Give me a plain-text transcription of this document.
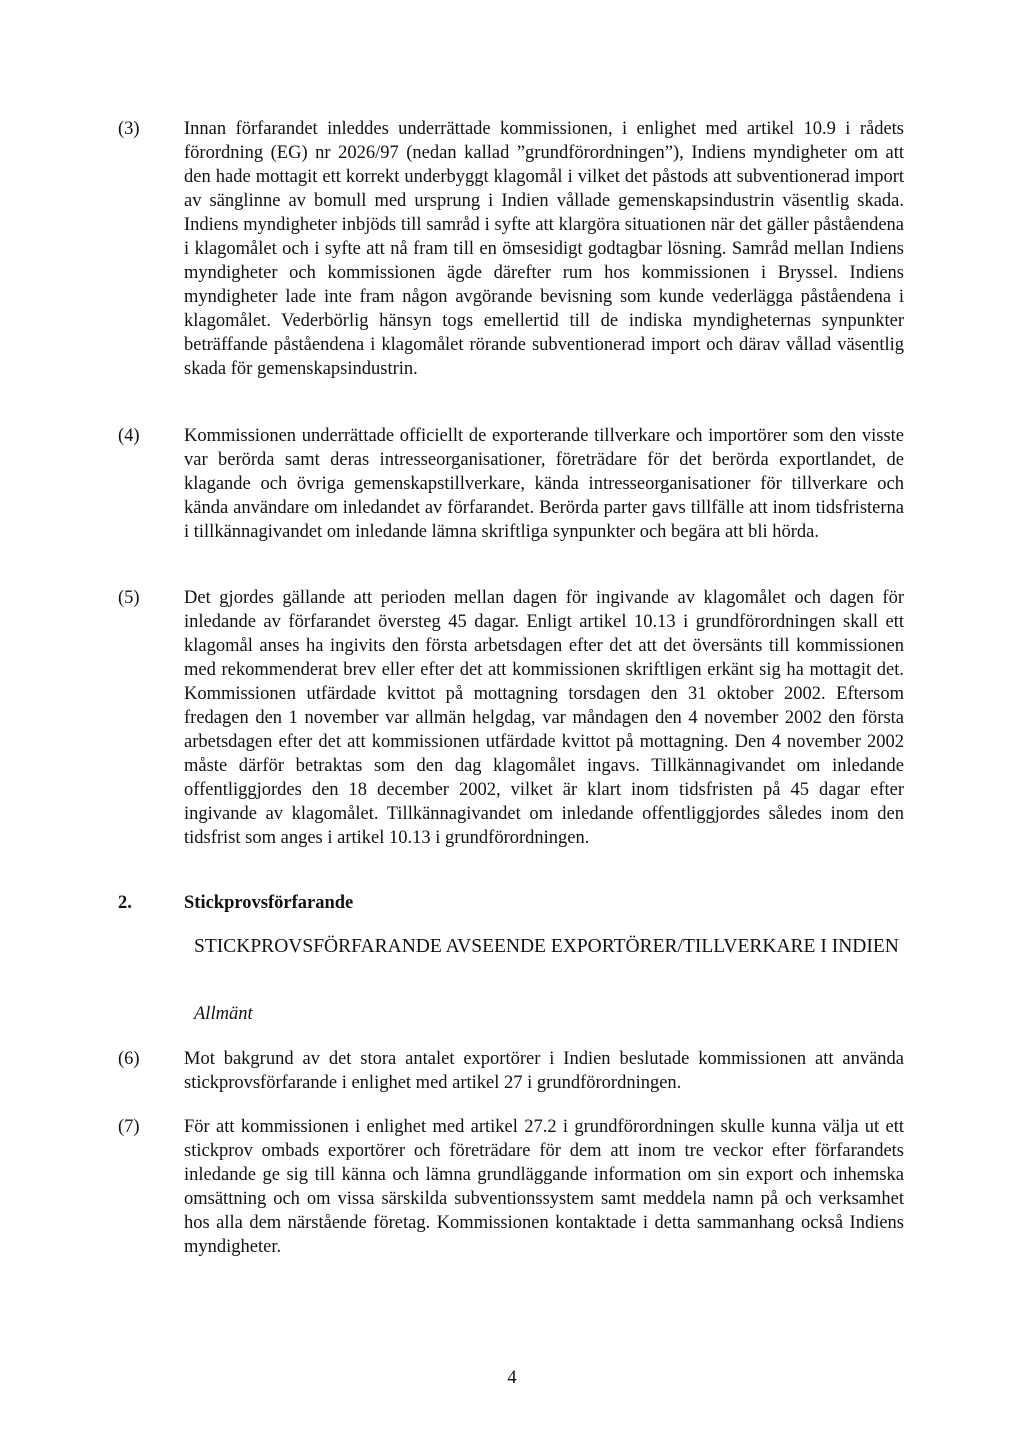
(3) Innan förfarandet inleddes underrättade kommissionen, i enlighet med artikel 10.9 i rådets förordning (EG) nr 2026/97 (nedan kallad ”grundförordningen”), Indiens myndigheter om att den hade mottagit ett korrekt underbyggt klagomål i vilket det påstods att subventionerad import av sänglinne av bomull med ursprung i Indien vållade gemenskapsindustrin väsentlig skada. Indiens myndigheter inbjöds till samråd i syfte att klargöra situationen när det gäller påståendena i klagomålet och i syfte att nå fram till en ömsesidigt godtagbar lösning. Samråd mellan Indiens myndigheter och kommissionen ägde därefter rum hos kommissionen i Bryssel. Indiens myndigheter lade inte fram någon avgörande bevisning som kunde vederlägga påståendena i klagomålet. Vederbörlig hänsyn togs emellertid till de indiska myndigheternas synpunkter beträffande påståendena i klagomålet rörande subventionerad import och därav vållad väsentlig skada för gemenskapsindustrin.

(4) Kommissionen underrättade officiellt de exporterande tillverkare och importörer som den visste var berörda samt deras intresseorganisationer, företrädare för det berörda exportlandet, de klagande och övriga gemenskapstillverkare, kända intresseorganisationer för tillverkare och kända användare om inledandet av förfarandet. Berörda parter gavs tillfälle att inom tidsfristerna i tillkännagivandet om inledande lämna skriftliga synpunkter och begära att bli hörda.

(5) Det gjordes gällande att perioden mellan dagen för ingivande av klagomålet och dagen för inledande av förfarandet översteg 45 dagar. Enligt artikel 10.13 i grundförordningen skall ett klagomål anses ha ingivits den första arbetsdagen efter det att det översänts till kommissionen med rekommenderat brev eller efter det att kommissionen skriftligen erkänt sig ha mottagit det. Kommissionen utfärdade kvittot på mottagning torsdagen den 31 oktober 2002. Eftersom fredagen den 1 november var allmän helgdag, var måndagen den 4 november 2002 den första arbetsdagen efter det att kommissionen utfärdade kvittot på mottagning. Den 4 november 2002 måste därför betraktas som den dag klagomålet ingavs. Tillkännagivandet om inledande offentliggjordes den 18 december 2002, vilket är klart inom tidsfristen på 45 dagar efter ingivande av klagomålet. Tillkännagivandet om inledande offentliggjordes således inom den tidsfrist som anges i artikel 10.13 i grundförordningen.

2.	Stickprovsförfarande
STICKPROVSFÖRFARANDE AVSEENDE EXPORTÖRER/TILLVERKARE I INDIEN
Allmänt
(6) Mot bakgrund av det stora antalet exportörer i Indien beslutade kommissionen att använda stickprovsförfarande i enlighet med artikel 27 i grundförordningen.

(7) För att kommissionen i enlighet med artikel 27.2 i grundförordningen skulle kunna välja ut ett stickprov ombads exportörer och företrädare för dem att inom tre veckor efter förfarandets inledande ge sig till känna och lämna grundläggande information om sin export och inhemska omsättning och om vissa särskilda subventionssystem samt meddela namn på och verksamhet hos alla dem närstående företag. Kommissionen kontaktade i detta sammanhang också Indiens myndigheter.

4
